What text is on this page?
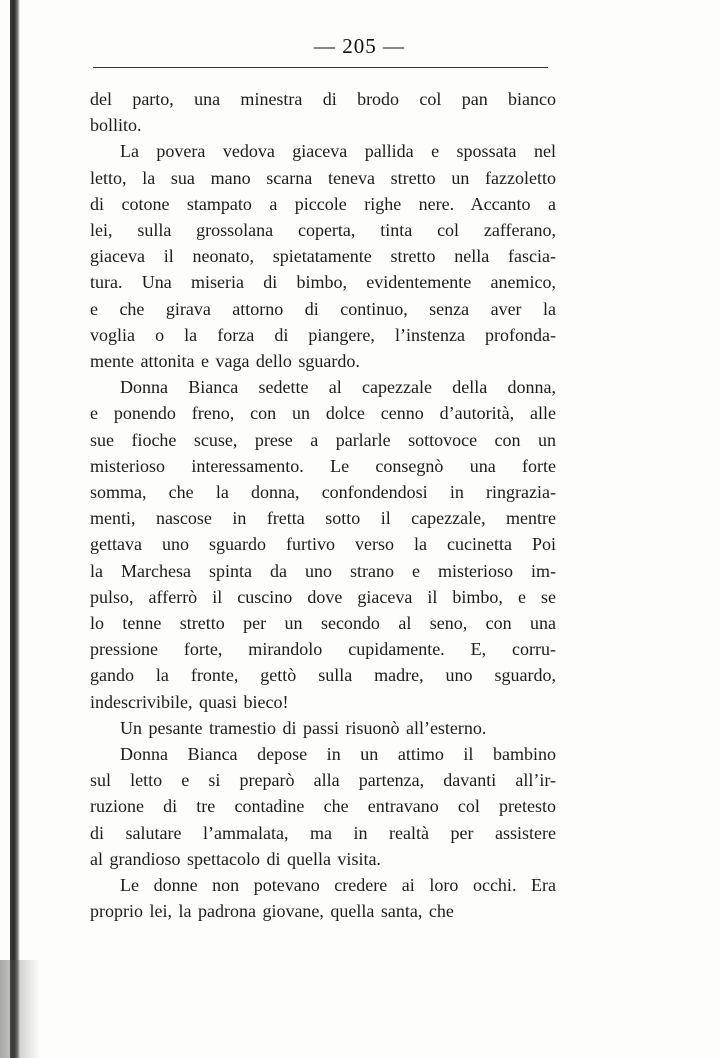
— 205 —
del parto, una minestra di brodo col pan bianco
bollito.
La povera vedova giaceva pallida e spossata nel
letto, la sua mano scarna teneva stretto un fazzoletto
di cotone stampato a piccole righe nere. Accanto a
lei, sulla grossolana coperta, tinta col zafferano,
giaceva il neonato, spietatamente stretto nella fascia-
tura. Una miseria di bimbo, evidentemente anemico,
e che girava attorno di continuo, senza aver la
voglia o la forza di piangere, l’instenza profonda-
mente attonita e vaga dello sguardo.
Donna Bianca sedette al capezzale della donna,
e ponendo freno, con un dolce cenno d’autorità, alle
sue fioche scuse, prese a parlarle sottovoce con un
misterioso interessamento. Le consegnò una forte
somma, che la donna, confondendosi in ringrazia-
menti, nascose in fretta sotto il capezzale, mentre
gettava uno sguardo furtivo verso la cucinetta Poi
la Marchesa spinta da uno strano e misterioso im-
pulso, afferrò il cuscino dove giaceva il bimbo, e se
lo tenne stretto per un secondo al seno, con una
pressione forte, mirandolo cupidamente. E, corru-
gando la fronte, gettò sulla madre, uno sguardo,
indescrivibile, quasi bieco!
Un pesante tramestio di passi risuonò all’esterno.
Donna Bianca depose in un attimo il bambino
sul letto e si preparò alla partenza, davanti all’ir-
ruzione di tre contadine che entravano col pretesto
di salutare l’ammalata, ma in realtà per assistere
al grandioso spettacolo di quella visita.
Le donne non potevano credere ai loro occhi. Era
proprio lei, la padrona giovane, quella santa, che
